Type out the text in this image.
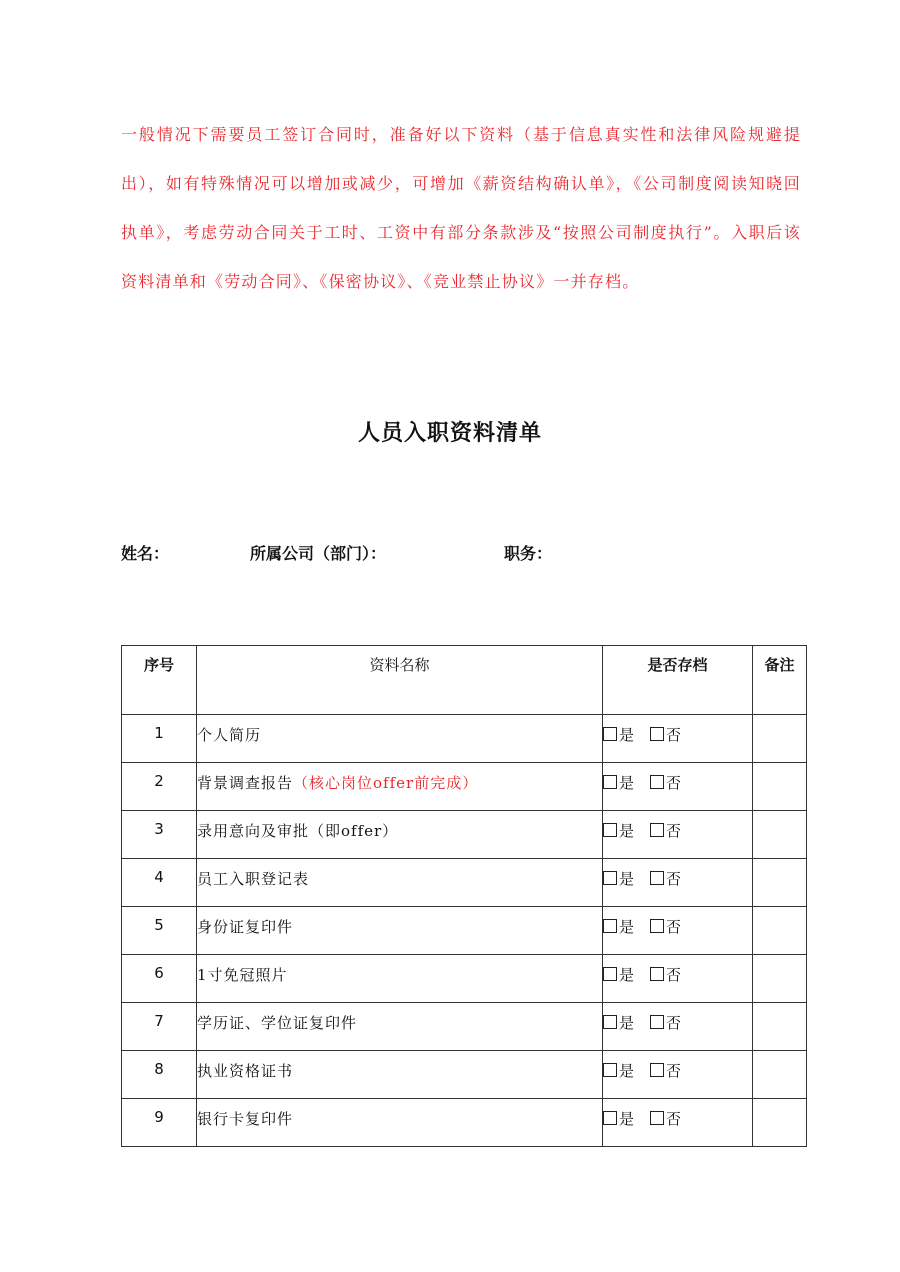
一般情况下需要员工签订合同时，准备好以下资料（基于信息真实性和法律风险规避提出），如有特殊情况可以增加或减少，可增加《薪资结构确认单》，《公司制度阅读知晓回执单》，考虑劳动合同关于工时、工资中有部分条款涉及“按照公司制度执行”。入职后该资料清单和《劳动合同》、《保密协议》、《竞业禁止协议》一并存档。
人员入职资料清单
姓名：	所属公司（部门）：	职务：
序号	资料名称	是否存档	备注
1	个人简历	是 否	
2	背景调查报告（核心岗位offer前完成）	是 否	
3	录用意向及审批（即offer）	是 否	
4	员工入职登记表	是 否	
5	身份证复印件	是 否	
6	1寸免冠照片	是 否	
7	学历证、学位证复印件	是 否	
8	执业资格证书	是 否	
9	银行卡复印件	是 否	
